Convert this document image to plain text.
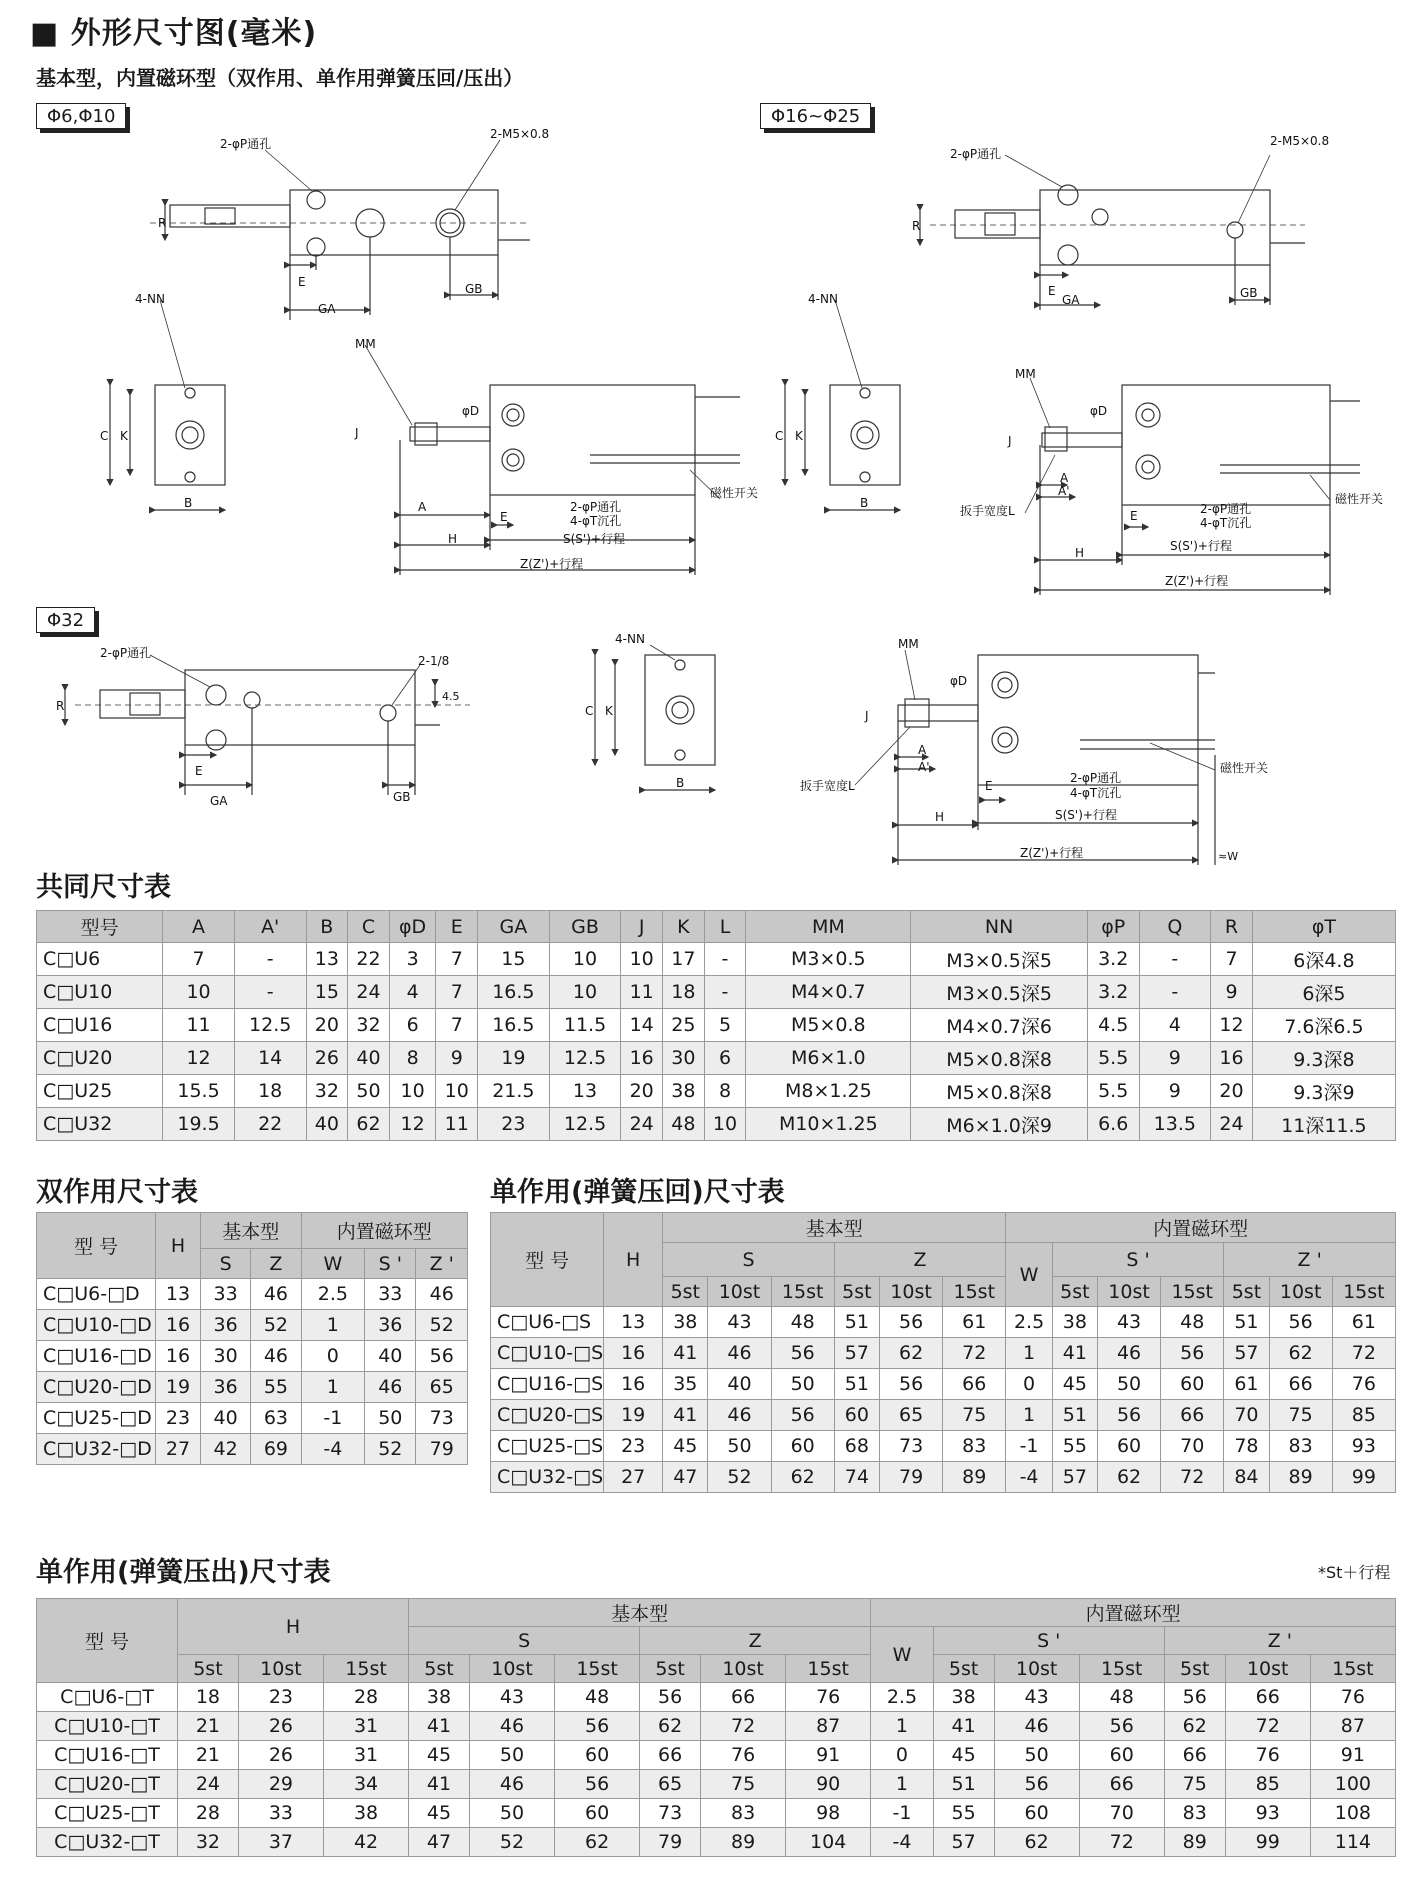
■ 外形尺寸图(毫米)
基本型，内置磁环型（双作用、单作用弹簧压回/压出）
2-φP通孔
2-M5×0.8
R
E
GA
GB
4-NN
C K
B
MM
J
φD
A
E
2-φP通孔
4-φT沉孔
S(S')+行程
H
Z(Z')+行程
磁性开关
2-φP通孔
2-M5×0.8
R
E
GA	GB
4-NN
C K
B
MM
J
φD
A
A'
扳手宽度L	E	2-φP通孔
4-φT沉孔
S(S')+行程
H
Z(Z')+行程
磁性开关
2-φP通孔
2-1/8
4.5
R
E
GA	GB
4-NN
C K
B
MM
J
φD
A
A'
扳手宽度L	E
2-φP通孔
4-φT沉孔
S(S')+行程
H
Z(Z')+行程
磁性开关
≈W
Φ6,Φ10	Φ16~Φ25
Φ32
共同尺寸表
型号	A	A'	B	C	φD	E	GA	GB	J	K	L	MM	NN	φP	Q	R	φT
C□U6	7	-	13	22	3	7	15	10	10	17	-	M3×0.5	M3×0.5深5	3.2	-	7	6深4.8
C□U10	10	-	15	24	4	7	16.5	10	11	18	-	M4×0.7	M3×0.5深5	3.2	-	9	6深5
C□U16	11	12.5	20	32	6	7	16.5	11.5	14	25	5	M5×0.8	M4×0.7深6	4.5	4	12	7.6深6.5
C□U20	12	14	26	40	8	9	19	12.5	16	30	6	M6×1.0	M5×0.8深8	5.5	9	16	9.3深8
C□U25	15.5	18	32	50	10	10	21.5	13	20	38	8	M8×1.25	M5×0.8深8	5.5	9	20	9.3深9
C□U32	19.5	22	40	62	12	11	23	12.5	24	48	10	M10×1.25	M6×1.0深9	6.6	13.5	24	11深11.5
双作用尺寸表
型 号	H	基本型		内置磁环型		
		S	Z	W	S '	Z '
C□U6-□D	13	33	46	2.5	33	46
C□U10-□D	16	36	52	1	36	52
C□U16-□D	16	30	46	0	40	56
C□U20-□D	19	36	55	1	46	65
C□U25-□D	23	40	63	-1	50	73
C□U32-□D	27	42	69	-4	52	79
单作用(弹簧压回)尺寸表
型 号	H	基本型						内置磁环型						
		S			Z			W	S '			Z '		
		5st	10st	15st	5st	10st	15st		5st	10st	15st	5st	10st	15st
C□U6-□S	13	38	43	48	51	56	61	2.5	38	43	48	51	56	61
C□U10-□S	16	41	46	56	57	62	72	1	41	46	56	57	62	72
C□U16-□S	16	35	40	50	51	56	66	0	45	50	60	61	66	76
C□U20-□S	19	41	46	56	60	65	75	1	51	56	66	70	75	85
C□U25-□S	23	45	50	60	68	73	83	-1	55	60	70	78	83	93
C□U32-□S	27	47	52	62	74	79	89	-4	57	62	72	84	89	99
单作用(弹簧压出)尺寸表	*St＋行程
型 号	H			基本型						内置磁环型						
				S			Z			W	S '			Z '		
	5st	10st	15st	5st	10st	15st	5st	10st	15st		5st	10st	15st	5st	10st	15st
C□U6-□T	18	23	28	38	43	48	56	66	76	2.5	38	43	48	56	66	76
C□U10-□T	21	26	31	41	46	56	62	72	87	1	41	46	56	62	72	87
C□U16-□T	21	26	31	45	50	60	66	76	91	0	45	50	60	66	76	91
C□U20-□T	24	29	34	41	46	56	65	75	90	1	51	56	66	75	85	100
C□U25-□T	28	33	38	45	50	60	73	83	98	-1	55	60	70	83	93	108
C□U32-□T	32	37	42	47	52	62	79	89	104	-4	57	62	72	89	99	114
